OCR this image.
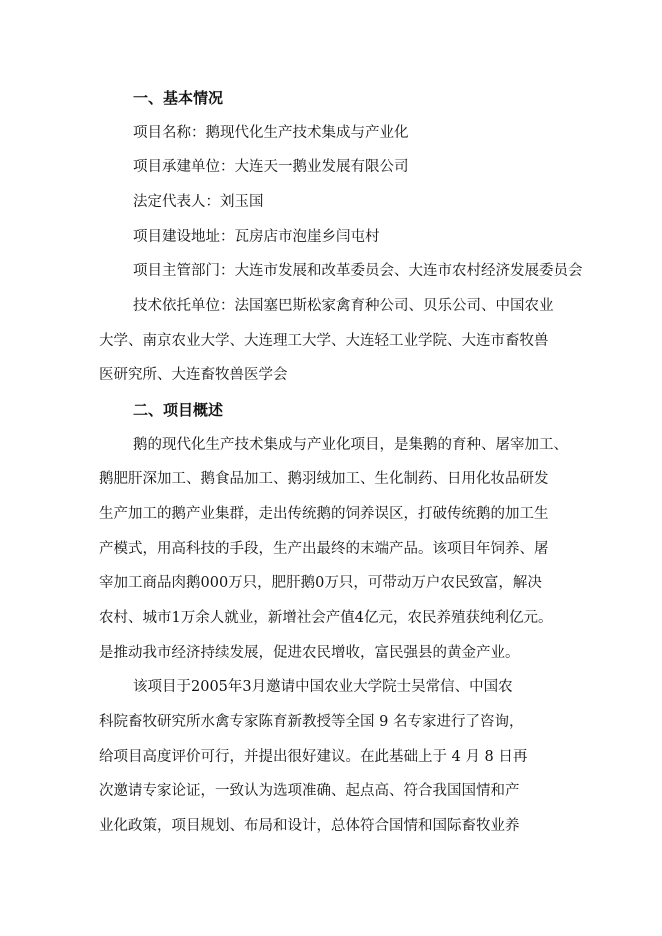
一、基本情况
项目名称：鹅现代化生产技术集成与产业化
项目承建单位：大连天一鹅业发展有限公司
法定代表人：刘玉国
项目建设地址：瓦房店市泡崖乡闫屯村
项目主管部门：大连市发展和改革委员会、大连市农村经济发展委员会
技术依托单位：法国塞巴斯松家禽育种公司、贝乐公司、中国农业
大学、南京农业大学、大连理工大学、大连轻工业学院、大连市畜牧兽
医研究所、大连畜牧兽医学会
二、项目概述
鹅的现代化生产技术集成与产业化项目，是集鹅的育种、屠宰加工、
鹅肥肝深加工、鹅食品加工、鹅羽绒加工、生化制药、日用化妆品研发
生产加工的鹅产业集群，走出传统鹅的饲养误区，打破传统鹅的加工生
产模式，用高科技的手段，生产出最终的末端产品。该项目年饲养、屠
宰加工商品肉鹅000万只，肥肝鹅0万只，可带动万户农民致富，解决
农村、城市1万余人就业，新增社会产值4亿元，农民养殖获纯利亿元。
是推动我市经济持续发展，促进农民增收，富民强县的黄金产业。
该项目于2005年3月邀请中国农业大学院士吴常信、中国农
科院畜牧研究所水禽专家陈育新教授等全国 9 名专家进行了咨询，
给项目高度评价可行，并提出很好建议。在此基础上于 4 月 8 日再
次邀请专家论证，一致认为选项准确、起点高、符合我国国情和产
业化政策，项目规划、布局和设计，总体符合国情和国际畜牧业养
